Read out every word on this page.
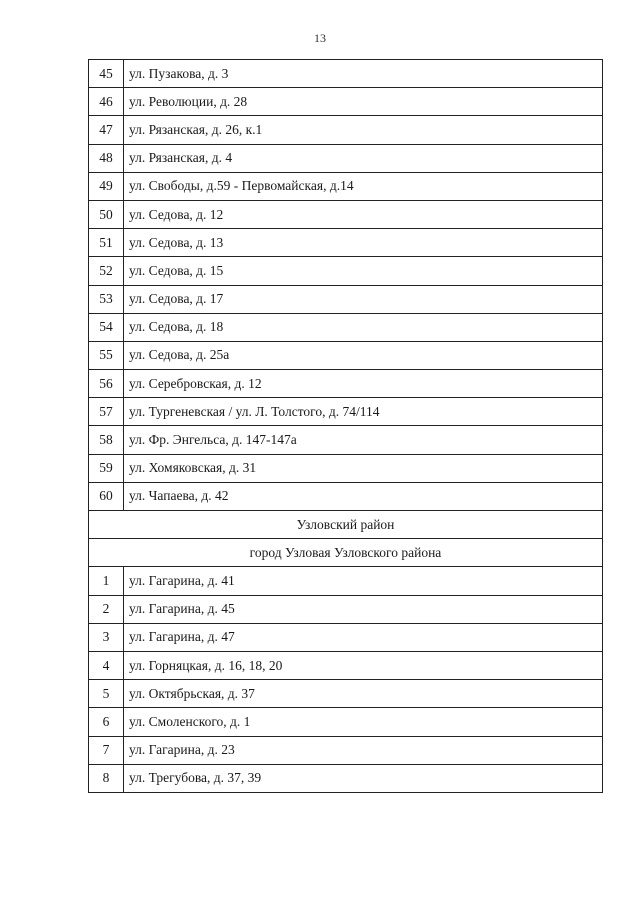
13
45	ул. Пузакова, д. 3
46	ул. Революции, д. 28
47	ул. Рязанская, д. 26, к.1
48	ул. Рязанская, д. 4
49	ул. Свободы, д.59 - Первомайская, д.14
50	ул. Седова, д. 12
51	ул. Седова, д. 13
52	ул. Седова, д. 15
53	ул. Седова, д. 17
54	ул. Седова, д. 18
55	ул. Седова, д. 25а
56	ул. Серебровская, д. 12
57	ул. Тургеневская / ул. Л. Толстого, д. 74/114
58	ул. Фр. Энгельса, д. 147-147а
59	ул. Хомяковская, д. 31
60	ул. Чапаева, д. 42
Узловский район	
город Узловая Узловского района	
1	ул. Гагарина, д. 41
2	ул. Гагарина, д. 45
3	ул. Гагарина, д. 47
4	ул. Горняцкая, д. 16, 18, 20
5	ул. Октябрьская, д. 37
6	ул. Смоленского, д. 1
7	ул. Гагарина, д. 23
8	ул. Трегубова, д. 37, 39
